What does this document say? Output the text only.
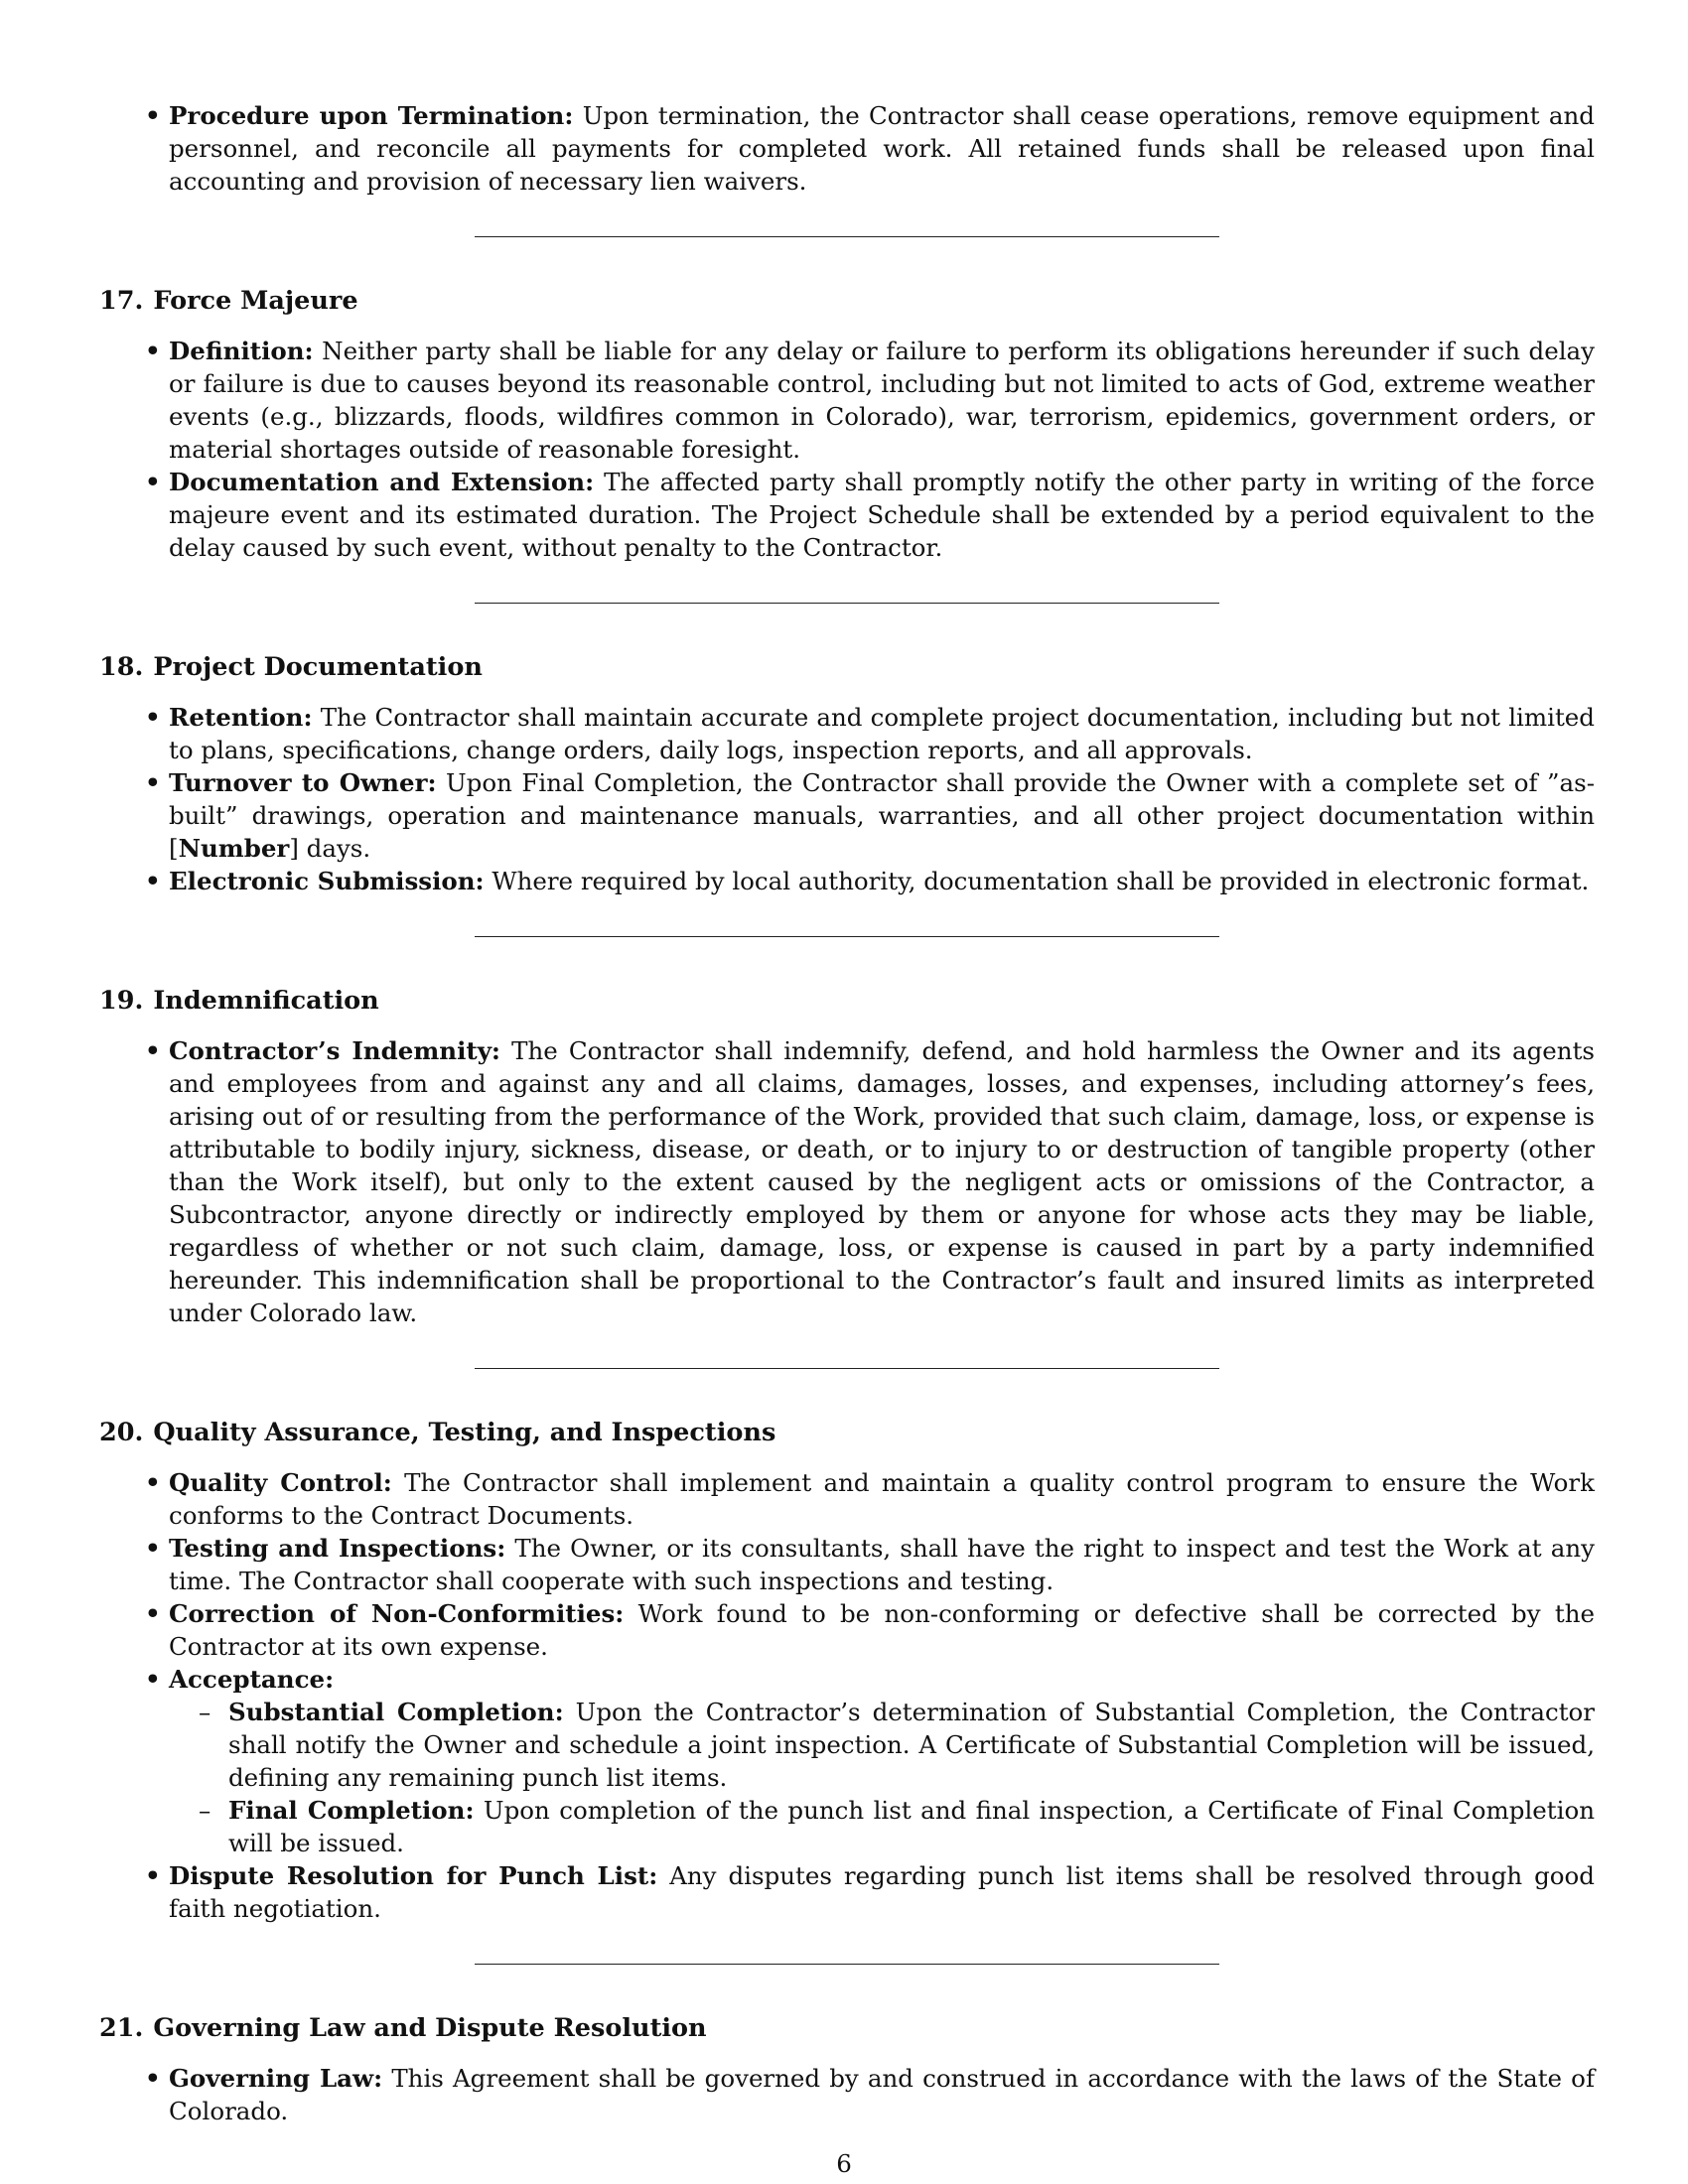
• Procedure upon Termination: Upon termination, the Contractor shall cease operations, remove equipment and personnel, and reconcile all payments for completed work. All retained funds shall be released upon final accounting and provision of necessary lien waivers.
17. Force Majeure
• Definition: Neither party shall be liable for any delay or failure to perform its obligations hereunder if such delay or failure is due to causes beyond its reasonable control, including but not limited to acts of God, extreme weather events (e.g., blizzards, floods, wildfires common in Colorado), war, terrorism, epidemics, government orders, or material shortages outside of reasonable foresight.
• Documentation and Extension: The affected party shall promptly notify the other party in writing of the force majeure event and its estimated duration. The Project Schedule shall be extended by a period equivalent to the delay caused by such event, without penalty to the Contractor.
18. Project Documentation
• Retention: The Contractor shall maintain accurate and complete project documentation, including but not limited to plans, specifications, change orders, daily logs, inspection reports, and all approvals.
• Turnover to Owner: Upon Final Completion, the Contractor shall provide the Owner with a complete set of ”as-built” drawings, operation and maintenance manuals, warranties, and all other project documentation within [Number] days.
• Electronic Submission: Where required by local authority, documentation shall be provided in electronic format.
19. Indemnification
• Contractor’s Indemnity: The Contractor shall indemnify, defend, and hold harmless the Owner and its agents and employees from and against any and all claims, damages, losses, and expenses, including attorney’s fees, arising out of or resulting from the performance of the Work, provided that such claim, damage, loss, or expense is attributable to bodily injury, sickness, disease, or death, or to injury to or destruction of tangible property (other than the Work itself), but only to the extent caused by the negligent acts or omissions of the Contractor, a Subcontractor, anyone directly or indirectly employed by them or anyone for whose acts they may be liable, regardless of whether or not such claim, damage, loss, or expense is caused in part by a party indemnified hereunder. This indemnification shall be proportional to the Contractor’s fault and insured limits as interpreted under Colorado law.
20. Quality Assurance, Testing, and Inspections
• Quality Control: The Contractor shall implement and maintain a quality control program to ensure the Work conforms to the Contract Documents.
• Testing and Inspections: The Owner, or its consultants, shall have the right to inspect and test the Work at any time. The Contractor shall cooperate with such inspections and testing.
• Correction of Non-Conformities: Work found to be non-conforming or defective shall be corrected by the Contractor at its own expense.
• Acceptance:
– Substantial Completion: Upon the Contractor’s determination of Substantial Completion, the Contractor shall notify the Owner and schedule a joint inspection. A Certificate of Substantial Completion will be issued, defining any remaining punch list items.
– Final Completion: Upon completion of the punch list and final inspection, a Certificate of Final Completion will be issued.
• Dispute Resolution for Punch List: Any disputes regarding punch list items shall be resolved through good faith negotiation.
21. Governing Law and Dispute Resolution
• Governing Law: This Agreement shall be governed by and construed in accordance with the laws of the State of Colorado.
6
